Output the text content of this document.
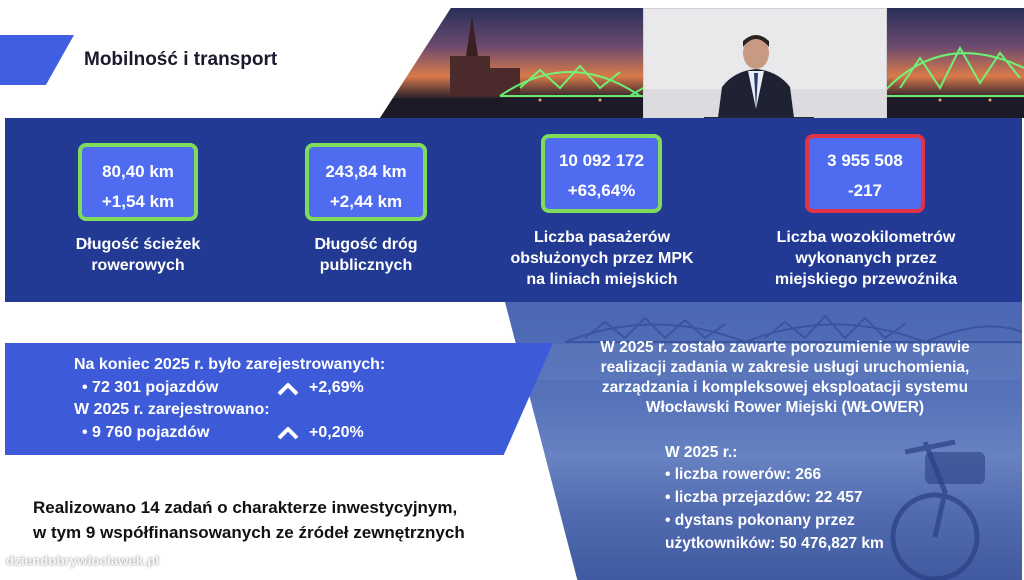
Mobilność i transport
80,40 km
+1,54 km
Długość ścieżek
rowerowych
243,84 km
+2,44 km
Długość dróg
publicznych
10 092 172
+63,64%
Liczba pasażerów
obsłużonych przez MPK
na liniach miejskich
3 955 508
-217
Liczba wozokilometrów
wykonanych przez
miejskiego przewoźnika
Na koniec 2025 r. było zarejestrowanych:
• 72 301 pojazdów	+2,69%
W 2025 r. zarejestrowano:
• 9 760 pojazdów	+0,20%
Realizowano 14 zadań o charakterze inwestycyjnym,
w tym 9 współfinansowanych ze źródeł zewnętrznych
W 2025 r. zostało zawarte porozumienie w sprawie
realizacji zadania w zakresie usługi uruchomienia,
zarządzania i kompleksowej eksploatacji systemu
Włocławski Rower Miejski (WŁOWER)
W 2025 r.:
• liczba rowerów: 266
• liczba przejazdów: 22 457
• dystans pokonany przez
użytkowników: 50 476,827 km
dziendobrywloclawek.pl
